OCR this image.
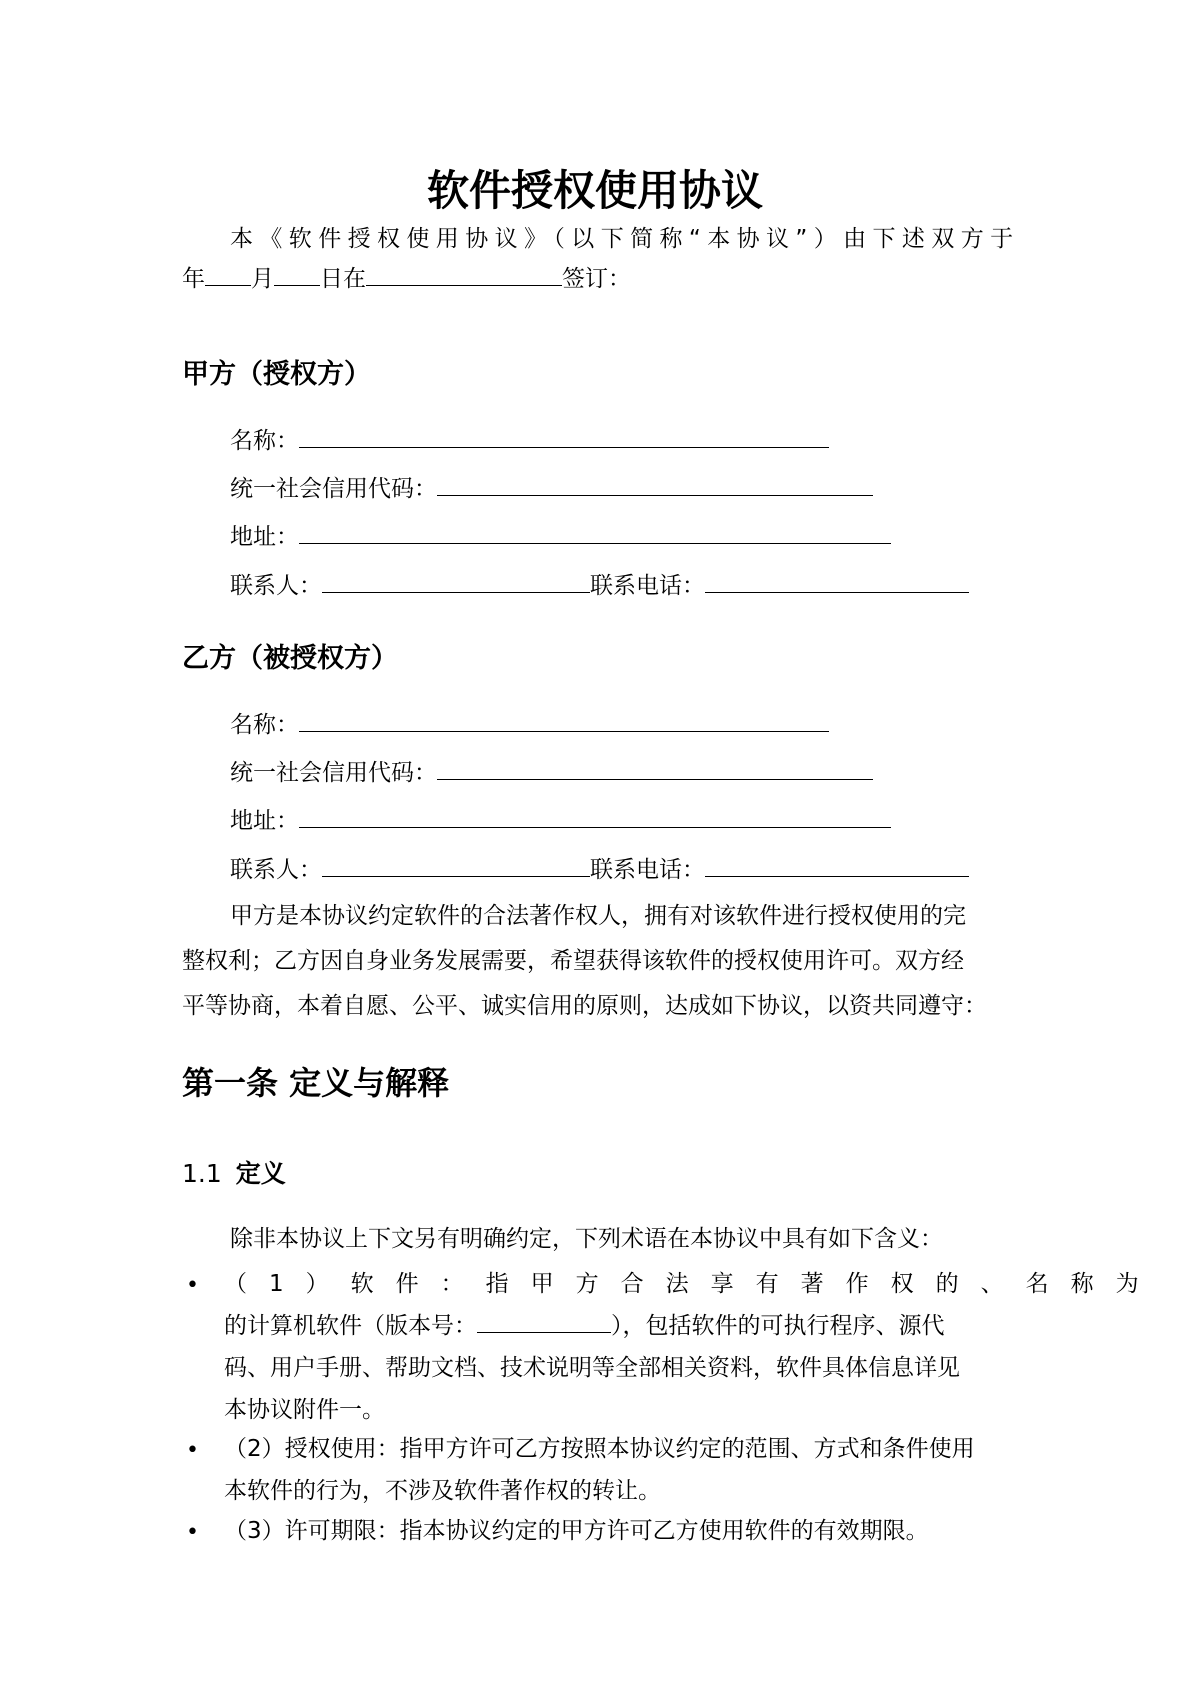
软件授权使用协议
本《软件授权使用协议》（以下简称“本协议”）由下述双方于
年 月 日在	签订：
甲方（授权方）
名称：
统一社会信用代码：
地址：
联系人：	联系电话：
乙方（被授权方）
名称：
统一社会信用代码：
地址：
联系人：	联系电话：
甲方是本协议约定软件的合法著作权人，拥有对该软件进行授权使用的完
整权利；乙方因自身业务发展需要，希望获得该软件的授权使用许可。双方经
平等协商，本着自愿、公平、诚实信用的原则，达成如下协议，以资共同遵守：
第一条 定义与解释
1.1 定义
除非本协议上下文另有明确约定，下列术语在本协议中具有如下含义：
• （1）软件：指甲方合法享有著作权的、名称为
的计算机软件（版本号：	），包括软件的可执行程序、源代
码、用户手册、帮助文档、技术说明等全部相关资料，软件具体信息详见
本协议附件一。
• （2）授权使用：指甲方许可乙方按照本协议约定的范围、方式和条件使用
本软件的行为，不涉及软件著作权的转让。
• （3）许可期限：指本协议约定的甲方许可乙方使用软件的有效期限。
